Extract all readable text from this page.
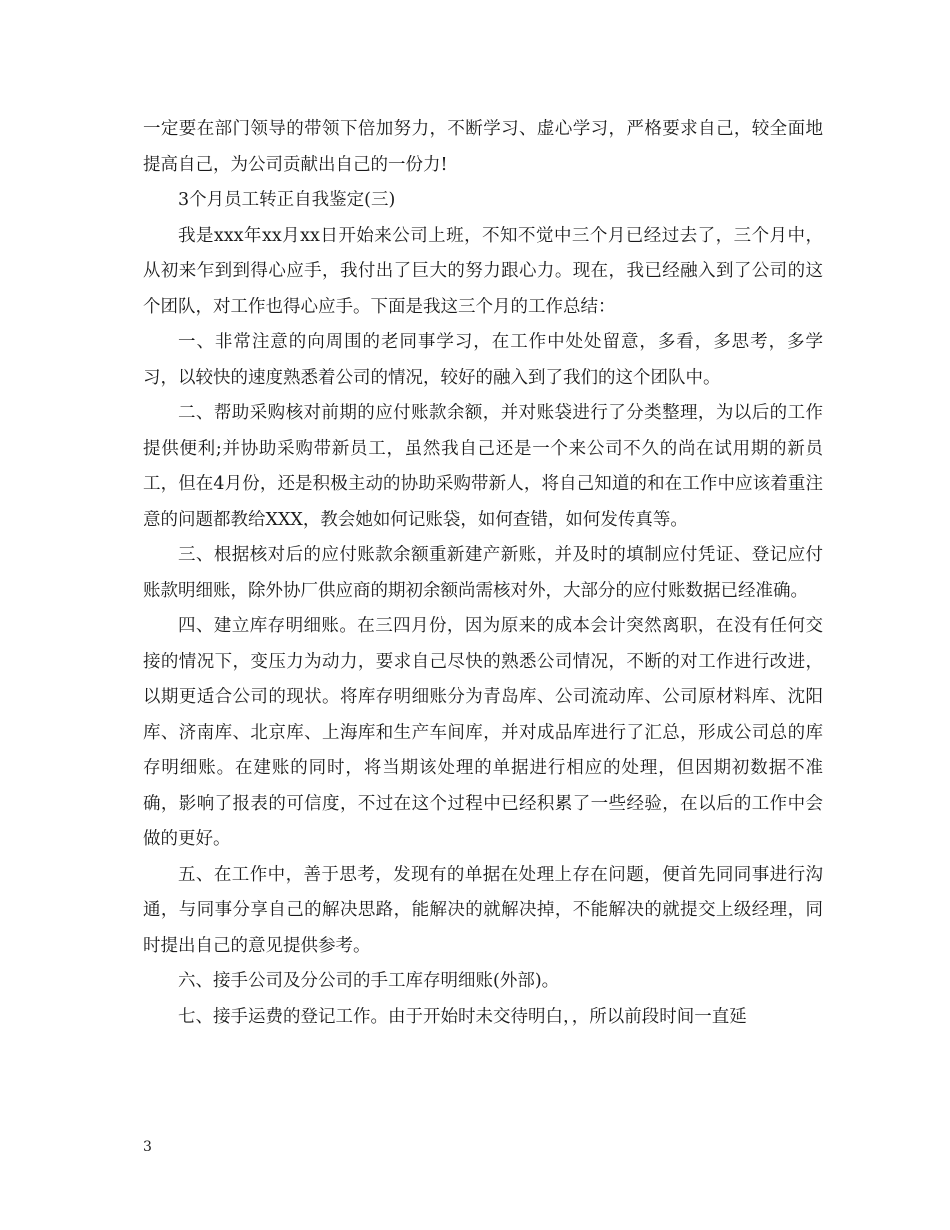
一定要在部门领导的带领下倍加努力，不断学习、虚心学习，严格要求自己，较全面地提高自己，为公司贡献出自己的一份力!

3个月员工转正自我鉴定(三)

我是xxx年xx月xx日开始来公司上班，不知不觉中三个月已经过去了，三个月中，从初来乍到到得心应手，我付出了巨大的努力跟心力。现在，我已经融入到了公司的这个团队，对工作也得心应手。下面是我这三个月的工作总结：

一、非常注意的向周围的老同事学习，在工作中处处留意，多看，多思考，多学习，以较快的速度熟悉着公司的情况，较好的融入到了我们的这个团队中。

二、帮助采购核对前期的应付账款余额，并对账袋进行了分类整理，为以后的工作提供便利;并协助采购带新员工，虽然我自己还是一个来公司不久的尚在试用期的新员工，但在4月份，还是积极主动的协助采购带新人，将自己知道的和在工作中应该着重注意的问题都教给XXX，教会她如何记账袋，如何查错，如何发传真等。

三、根据核对后的应付账款余额重新建产新账，并及时的填制应付凭证、登记应付账款明细账，除外协厂供应商的期初余额尚需核对外，大部分的应付账数据已经准确。

四、建立库存明细账。在三四月份，因为原来的成本会计突然离职，在没有任何交接的情况下，变压力为动力，要求自己尽快的熟悉公司情况，不断的对工作进行改进，以期更适合公司的现状。将库存明细账分为青岛库、公司流动库、公司原材料库、沈阳库、济南库、北京库、上海库和生产车间库，并对成品库进行了汇总，形成公司总的库存明细账。在建账的同时，将当期该处理的单据进行相应的处理，但因期初数据不准确，影响了报表的可信度，不过在这个过程中已经积累了一些经验，在以后的工作中会做的更好。

五、在工作中，善于思考，发现有的单据在处理上存在问题，便首先同同事进行沟通，与同事分享自己的解决思路，能解决的就解决掉，不能解决的就提交上级经理，同时提出自己的意见提供参考。

六、接手公司及分公司的手工库存明细账(外部)。

七、接手运费的登记工作。由于开始时未交待明白，，所以前段时间一直延

3
